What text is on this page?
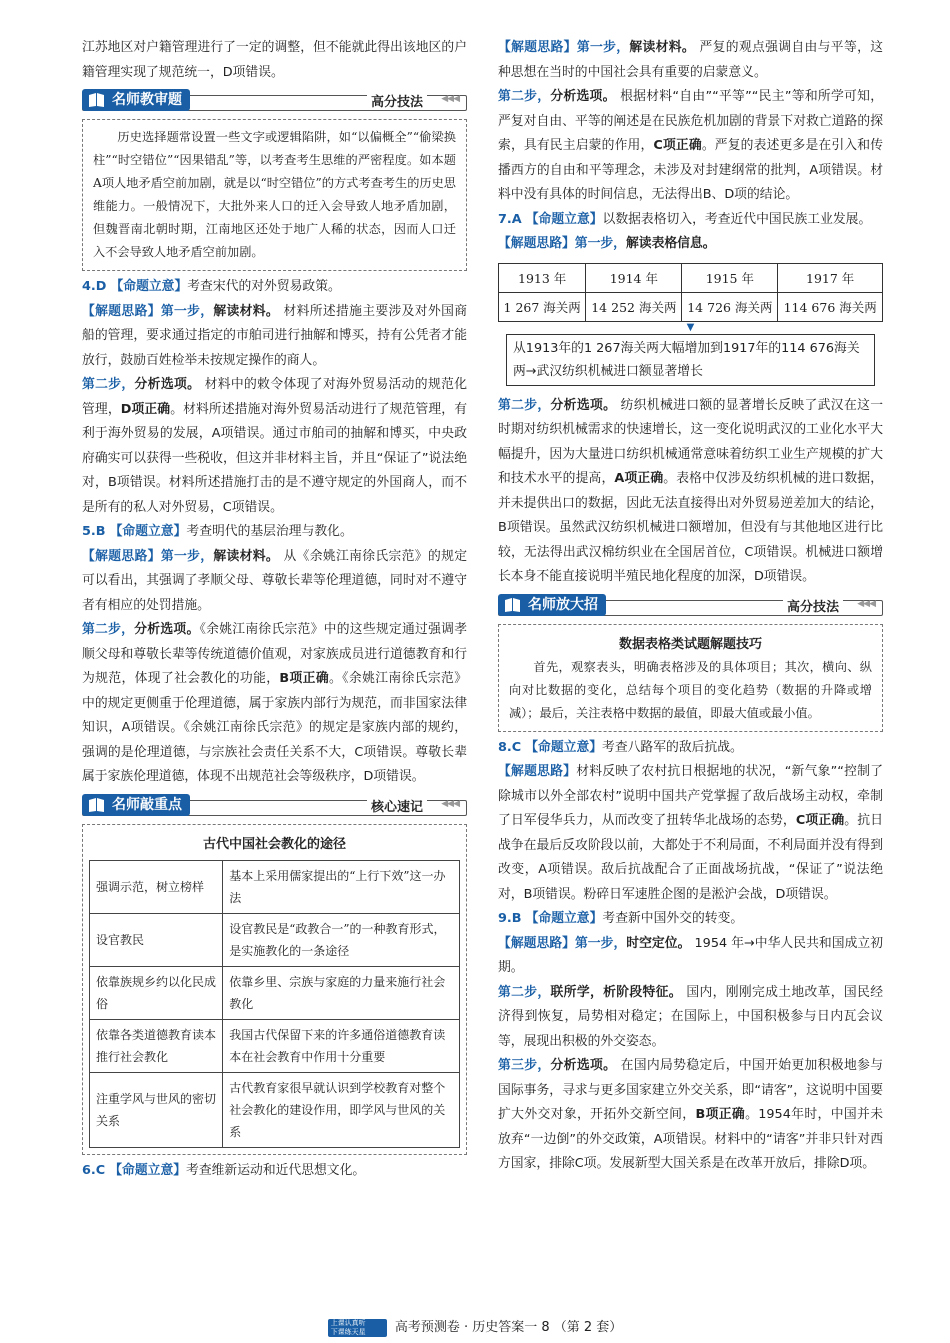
江苏地区对户籍管理进行了一定的调整，但不能就此得出该地区的户籍管理实现了规范统一，D项错误。

名师教审题	高分技法	◀◀◀

历史选择题常设置一些文字或逻辑陷阱，如“以偏概全”“偷梁换柱”“时空错位”“因果错乱”等，以考查考生思维的严密程度。如本题A项人地矛盾空前加剧，就是以“时空错位”的方式考查考生的历史思维能力。一般情况下，大批外来人口的迁入会导致人地矛盾加剧，但魏晋南北朝时期，江南地区还处于地广人稀的状态，因而人口迁入不会导致人地矛盾空前加剧。

4.D 【命题立意】考查宋代的对外贸易政策。

【解题思路】第一步，解读材料。 材料所述措施主要涉及对外国商船的管理，要求通过指定的市舶司进行抽解和博买，持有公凭者才能放行，鼓励百姓检举未按规定操作的商人。

第二步，分析选项。 材料中的敕令体现了对海外贸易活动的规范化管理，D项正确。材料所述措施对海外贸易活动进行了规范管理，有利于海外贸易的发展，A项错误。通过市舶司的抽解和博买，中央政府确实可以获得一些税收，但这并非材料主旨，并且“保证了”说法绝对，B项错误。材料所述措施打击的是不遵守规定的外国商人，而不是所有的私人对外贸易，C项错误。

5.B 【命题立意】考查明代的基层治理与教化。

【解题思路】第一步，解读材料。 从《余姚江南徐氏宗范》的规定可以看出，其强调了孝顺父母、尊敬长辈等伦理道德，同时对不遵守者有相应的处罚措施。

第二步，分析选项。《余姚江南徐氏宗范》中的这些规定通过强调孝顺父母和尊敬长辈等传统道德价值观，对家族成员进行道德教育和行为规范，体现了社会教化的功能，B项正确。《余姚江南徐氏宗范》中的规定更侧重于伦理道德，属于家族内部行为规范，而非国家法律知识，A项错误。《余姚江南徐氏宗范》的规定是家族内部的规约，强调的是伦理道德，与宗族社会责任关系不大，C项错误。尊敬长辈属于家族伦理道德，体现不出规范社会等级秩序，D项错误。

名师敲重点	核心速记	◀◀◀
古代中国社会教化的途径
强调示范，树立榜样	基本上采用儒家提出的“上行下效”这一办法
设官教民	设官教民是“政教合一”的一种教育形式，是实施教化的一条途径
依靠族规乡约以化民成俗	依靠乡里、宗族与家庭的力量来施行社会教化
依靠各类道德教育读本推行社会教化	我国古代保留下来的许多通俗道德教育读本在社会教育中作用十分重要
注重学风与世风的密切关系	古代教育家很早就认识到学校教育对整个社会教化的建设作用，即学风与世风的关系

6.C 【命题立意】考查维新运动和近代思想文化。

【解题思路】第一步，解读材料。 严复的观点强调自由与平等，这种思想在当时的中国社会具有重要的启蒙意义。

第二步，分析选项。 根据材料“自由”“平等”“民主”等和所学可知，严复对自由、平等的阐述是在民族危机加剧的背景下对救亡道路的探索，具有民主启蒙的作用，C项正确。严复的表述更多是在引入和传播西方的自由和平等理念，未涉及对封建纲常的批判，A项错误。材料中没有具体的时间信息，无法得出B、D项的结论。

7.A 【命题立意】以数据表格切入，考查近代中国民族工业发展。

【解题思路】第一步，解读表格信息。

1913 年	1914 年	1915 年	1917 年
1 267 海关两	14 252 海关两	14 726 海关两	114 676 海关两
▼
从1913年的1 267海关两大幅增加到1917年的114 676海关两→武汉纺织机械进口额显著增长

第二步，分析选项。 纺织机械进口额的显著增长反映了武汉在这一时期对纺织机械需求的快速增长，这一变化说明武汉的工业化水平大幅提升，因为大量进口纺织机械通常意味着纺织工业生产规模的扩大和技术水平的提高，A项正确。表格中仅涉及纺织机械的进口数据，并未提供出口的数据，因此无法直接得出对外贸易逆差加大的结论，B项错误。虽然武汉纺织机械进口额增加，但没有与其他地区进行比较，无法得出武汉棉纺织业在全国居首位，C项错误。机械进口额增长本身不能直接说明半殖民地化程度的加深，D项错误。

名师放大招	高分技法	◀◀◀
数据表格类试题解题技巧

首先，观察表头，明确表格涉及的具体项目；其次，横向、纵向对比数据的变化，总结每个项目的变化趋势（数据的升降或增减）；最后，关注表格中数据的最值，即最大值或最小值。

8.C 【命题立意】考查八路军的敌后抗战。

【解题思路】材料反映了农村抗日根据地的状况，“新气象”“控制了除城市以外全部农村”说明中国共产党掌握了敌后战场主动权，牵制了日军侵华兵力，从而改变了扭转华北战场的态势，C项正确。抗日战争在最后反攻阶段以前，大都处于不利局面，不利局面并没有得到改变，A项错误。敌后抗战配合了正面战场抗战，“保证了”说法绝对，B项错误。粉碎日军速胜企图的是淞沪会战，D项错误。

9.B 【命题立意】考查新中国外交的转变。

【解题思路】第一步，时空定位。 1954 年→中华人民共和国成立初期。

第二步，联所学，析阶段特征。 国内，刚刚完成土地改革，国民经济得到恢复，局势相对稳定；在国际上，中国积极参与日内瓦会议等，展现出积极的外交姿态。

第三步，分析选项。 在国内局势稳定后，中国开始更加积极地参与国际事务，寻求与更多国家建立外交关系，即“请客”，这说明中国要扩大外交对象，开拓外交新空间，B项正确。1954年时，中国并未放弃“一边倒”的外交政策，A项错误。材料中的“请客”并非只针对西方国家，排除C项。发展新型大国关系是在改革开放后，排除D项。

上课认真听
下课练天星 高考预测卷 · 历史答案一 8 （第 2 套）
